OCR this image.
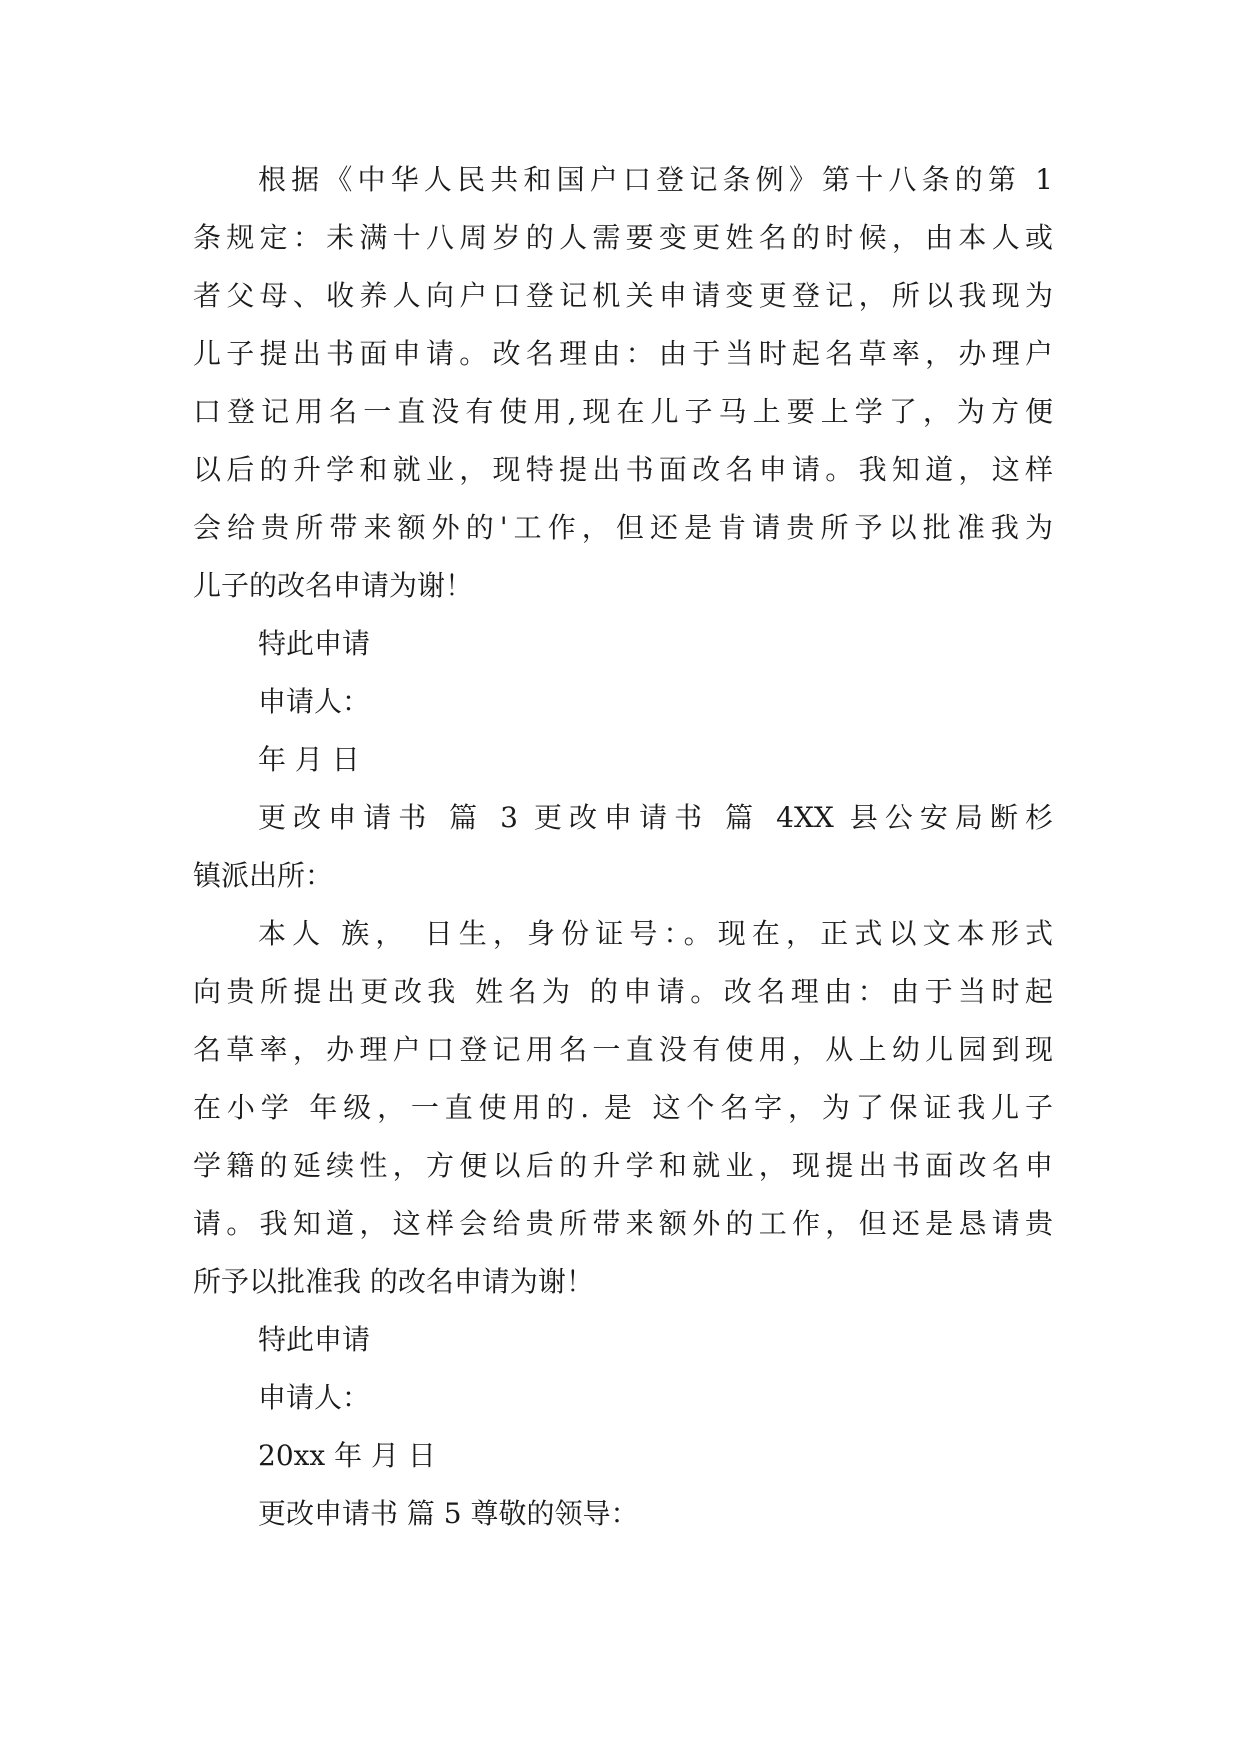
根据《中华人民共和国户口登记条例》第十八条的第 1
条规定：未满十八周岁的人需要变更姓名的时候，由本人或
者父母、收养人向户口登记机关申请变更登记，所以我现为
儿子提出书面申请。改名理由：由于当时起名草率，办理户
口登记用名一直没有使用,现在儿子马上要上学了，为方便
以后的升学和就业，现特提出书面改名申请。我知道，这样
会给贵所带来额外的'工作，但还是肯请贵所予以批准我为
儿子的改名申请为谢！
特此申请
申请人：
年 月 日
更改申请书 篇 3 更改申请书 篇 4XX 县公安局断杉
镇派出所：
本人 族， 日生，身份证号：。现在，正式以文本形式
向贵所提出更改我 姓名为 的申请。改名理由：由于当时起
名草率，办理户口登记用名一直没有使用，从上幼儿园到现
在小学 年级，一直使用的. 是 这个名字，为了保证我儿子
学籍的延续性，方便以后的升学和就业，现提出书面改名申
请。我知道，这样会给贵所带来额外的工作，但还是恳请贵
所予以批准我 的改名申请为谢！
特此申请
申请人：
20xx 年 月 日
更改申请书 篇 5 尊敬的领导：
